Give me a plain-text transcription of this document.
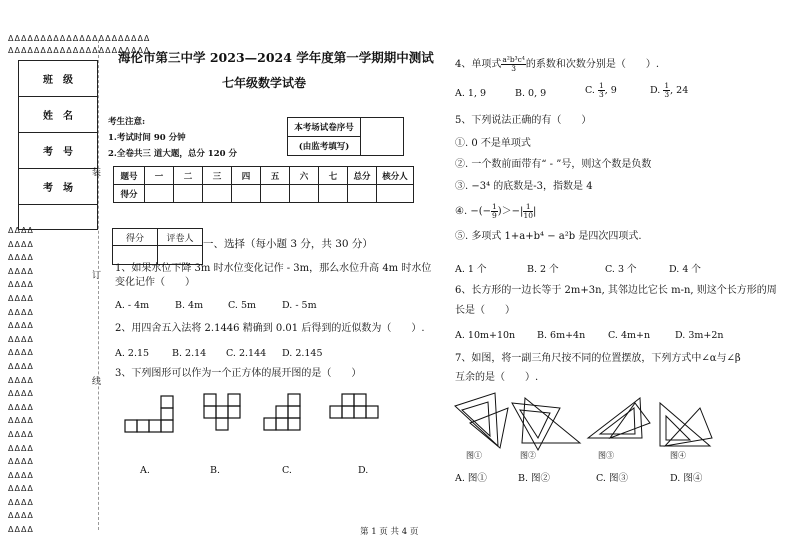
ΔΔΔΔΔΔΔΔΔΔΔΔΔΔΔΔΔΔΔΔΔΔ
ΔΔΔΔΔΔΔΔΔΔΔΔΔΔΔΔΔΔΔΔΔΔ
班　级
姓　名
考　号
考　场

ΔΔΔΔ
ΔΔΔΔ
ΔΔΔΔ
ΔΔΔΔ
ΔΔΔΔ
ΔΔΔΔ
ΔΔΔΔ
ΔΔΔΔ
ΔΔΔΔ
ΔΔΔΔ
ΔΔΔΔ
ΔΔΔΔ
ΔΔΔΔ
ΔΔΔΔ
ΔΔΔΔ
ΔΔΔΔ
ΔΔΔΔ
ΔΔΔΔ
ΔΔΔΔ
ΔΔΔΔ
ΔΔΔΔ
ΔΔΔΔ
ΔΔΔΔ
装
订
线
海伦市第三中学 2023—2024 学年度第一学期期中测试
七年级数学试卷
考生注意:
1.考试时间 90 分钟
2.全卷共三 道大题，总分 120 分
本考场试卷序号	
(由监考填写)
题号	一	二	三	四	五	六	七	总分	核分人
得分									
得分	评卷人
	一、选择（每小题 3 分，共 30 分）
1、如果水位下降 3m 时水位变化记作 - 3m，那么水位升高 4m 时水位
变化记作（　　）
A. - 4m	B. 4m	C. 5m	D. - 5m
2、用四舍五入法将 2.1446 精确到 0.01 后得到的近似数为（　　）.
A. 2.15 B. 2.14 C. 2.144 D. 2.145
3、下列图形可以作为一个正方体的展开图的是（　　）
A.	B.	C.	D.
4、单项式 $\frac{\text{a²b³c⁴}}{3}$ 的系数和次数分别是（　　）.
A. 1, 9	B. 0, 9	C. $\frac{1}{3}$ , 9	D. $\frac{1}{3}$ , 24
5、下列说法正确的有（　　）
①. 0 不是单项式
②. 一个数前面带有“ - ”号，则这个数是负数
③. −3⁴ 的底数是-3，指数是 4
④. −(− $\frac{1}{9}$ )＞−| $\frac{1}{10}$ |
⑤. 多项式 1+a+b⁴ − a²b 是四次四项式.
A. 1 个	B. 2 个	C. 3 个	D. 4 个
6、长方形的一边长等于 2m+3n, 其邻边比它长 m-n, 则这个长方形的周
长是（　　）
A. 10m+10n B. 6m+4n C. 4m+n	D. 3m+2n
7、如图，将一副三角尺按不同的位置摆放，下列方式中∠α与∠β
互余的是（　　）.
图①	图②	图③	图④
A. 图①	B. 图②	C. 图③	D. 图④
第 1 页 共 4 页
